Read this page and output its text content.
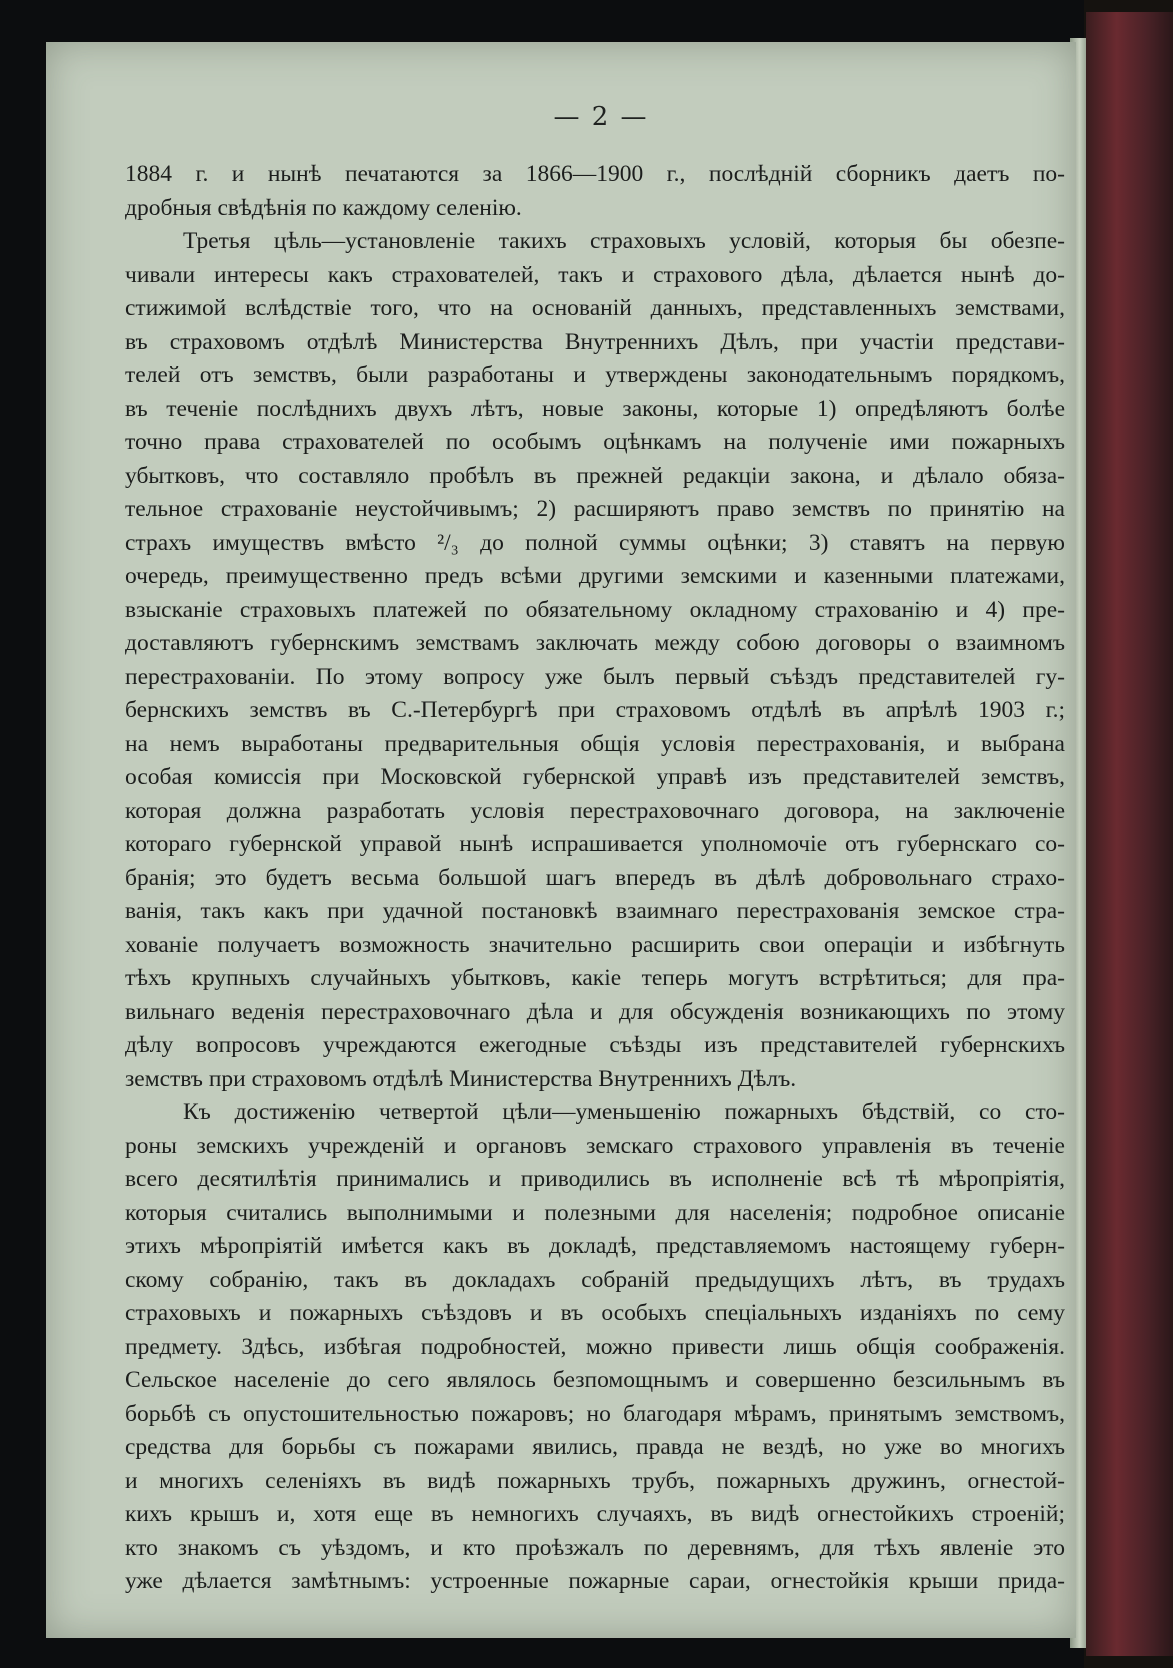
— 2 —
1884 г. и нынѣ печатаются за 1866—1900 г., послѣдній сборникъ даетъ по-
дробныя свѣдѣнія по каждому селенію.
Третья цѣль—установленіе такихъ страховыхъ условій, которыя бы обезпе-
чивали интересы какъ страхователей, такъ и страхового дѣла, дѣлается нынѣ до-
стижимой вслѣдствіе того, что на основаній данныхъ, представленныхъ земствами,
въ страховомъ отдѣлѣ Министерства Внутреннихъ Дѣлъ, при участіи представи-
телей отъ земствъ, были разработаны и утверждены законодательнымъ порядкомъ,
въ теченіе послѣднихъ двухъ лѣтъ, новые законы, которые 1) опредѣляютъ болѣе
точно права страхователей по особымъ оцѣнкамъ на полученіе ими пожарныхъ
убытковъ, что составляло пробѣлъ въ прежней редакціи закона, и дѣлало обяза-
тельное страхованіе неустойчивымъ; 2) расширяютъ право земствъ по принятію на
страхъ имуществъ вмѣсто ²/₃ до полной суммы оцѣнки; 3) ставятъ на первую
очередь, преимущественно предъ всѣми другими земскими и казенными платежами,
взысканіе страховыхъ платежей по обязательному окладному страхованію и 4) пре-
доставляютъ губернскимъ земствамъ заключать между собою договоры о взаимномъ
перестрахованіи. По этому вопросу уже былъ первый съѣздъ представителей гу-
бернскихъ земствъ въ С.-Петербургѣ при страховомъ отдѣлѣ въ апрѣлѣ 1903 г.;
на немъ выработаны предварительныя общія условія перестрахованія, и выбрана
особая комиссія при Московской губернской управѣ изъ представителей земствъ,
которая должна разработать условія перестраховочнаго договора, на заключеніе
котораго губернской управой нынѣ испрашивается уполномочіе отъ губернскаго со-
бранія; это будетъ весьма большой шагъ впередъ въ дѣлѣ добровольнаго страхо-
ванія, такъ какъ при удачной постановкѣ взаимнаго перестрахованія земское стра-
хованіе получаетъ возможность значительно расширить свои операціи и избѣгнуть
тѣхъ крупныхъ случайныхъ убытковъ, какіе теперь могутъ встрѣтиться; для пра-
вильнаго веденія перестраховочнаго дѣла и для обсужденія возникающихъ по этому
дѣлу вопросовъ учреждаются ежегодные съѣзды изъ представителей губернскихъ
земствъ при страховомъ отдѣлѣ Министерства Внутреннихъ Дѣлъ.
Къ достиженію четвертой цѣли—уменьшенію пожарныхъ бѣдствій, со сто-
роны земскихъ учрежденій и органовъ земскаго страхового управленія въ теченіе
всего десятилѣтія принимались и приводились въ исполненіе всѣ тѣ мѣропріятія,
которыя считались выполнимыми и полезными для населенія; подробное описаніе
этихъ мѣропріятій имѣется какъ въ докладѣ, представляемомъ настоящему губерн-
скому собранію, такъ въ докладахъ собраній предыдущихъ лѣтъ, въ трудахъ
страховыхъ и пожарныхъ съѣздовъ и въ особыхъ спеціальныхъ изданіяхъ по сему
предмету. Здѣсь, избѣгая подробностей, можно привести лишь общія соображенія.
Сельское населеніе до сего являлось безпомощнымъ и совершенно безсильнымъ въ
борьбѣ съ опустошительностью пожаровъ; но благодаря мѣрамъ, принятымъ земствомъ,
средства для борьбы съ пожарами явились, правда не вездѣ, но уже во многихъ
и многихъ селеніяхъ въ видѣ пожарныхъ трубъ, пожарныхъ дружинъ, огнестой-
кихъ крышъ и, хотя еще въ немногихъ случаяхъ, въ видѣ огнестойкихъ строеній;
кто знакомъ съ уѣздомъ, и кто проѣзжалъ по деревнямъ, для тѣхъ явленіе это
уже дѣлается замѣтнымъ: устроенные пожарные сараи, огнестойкія крыши прида-
